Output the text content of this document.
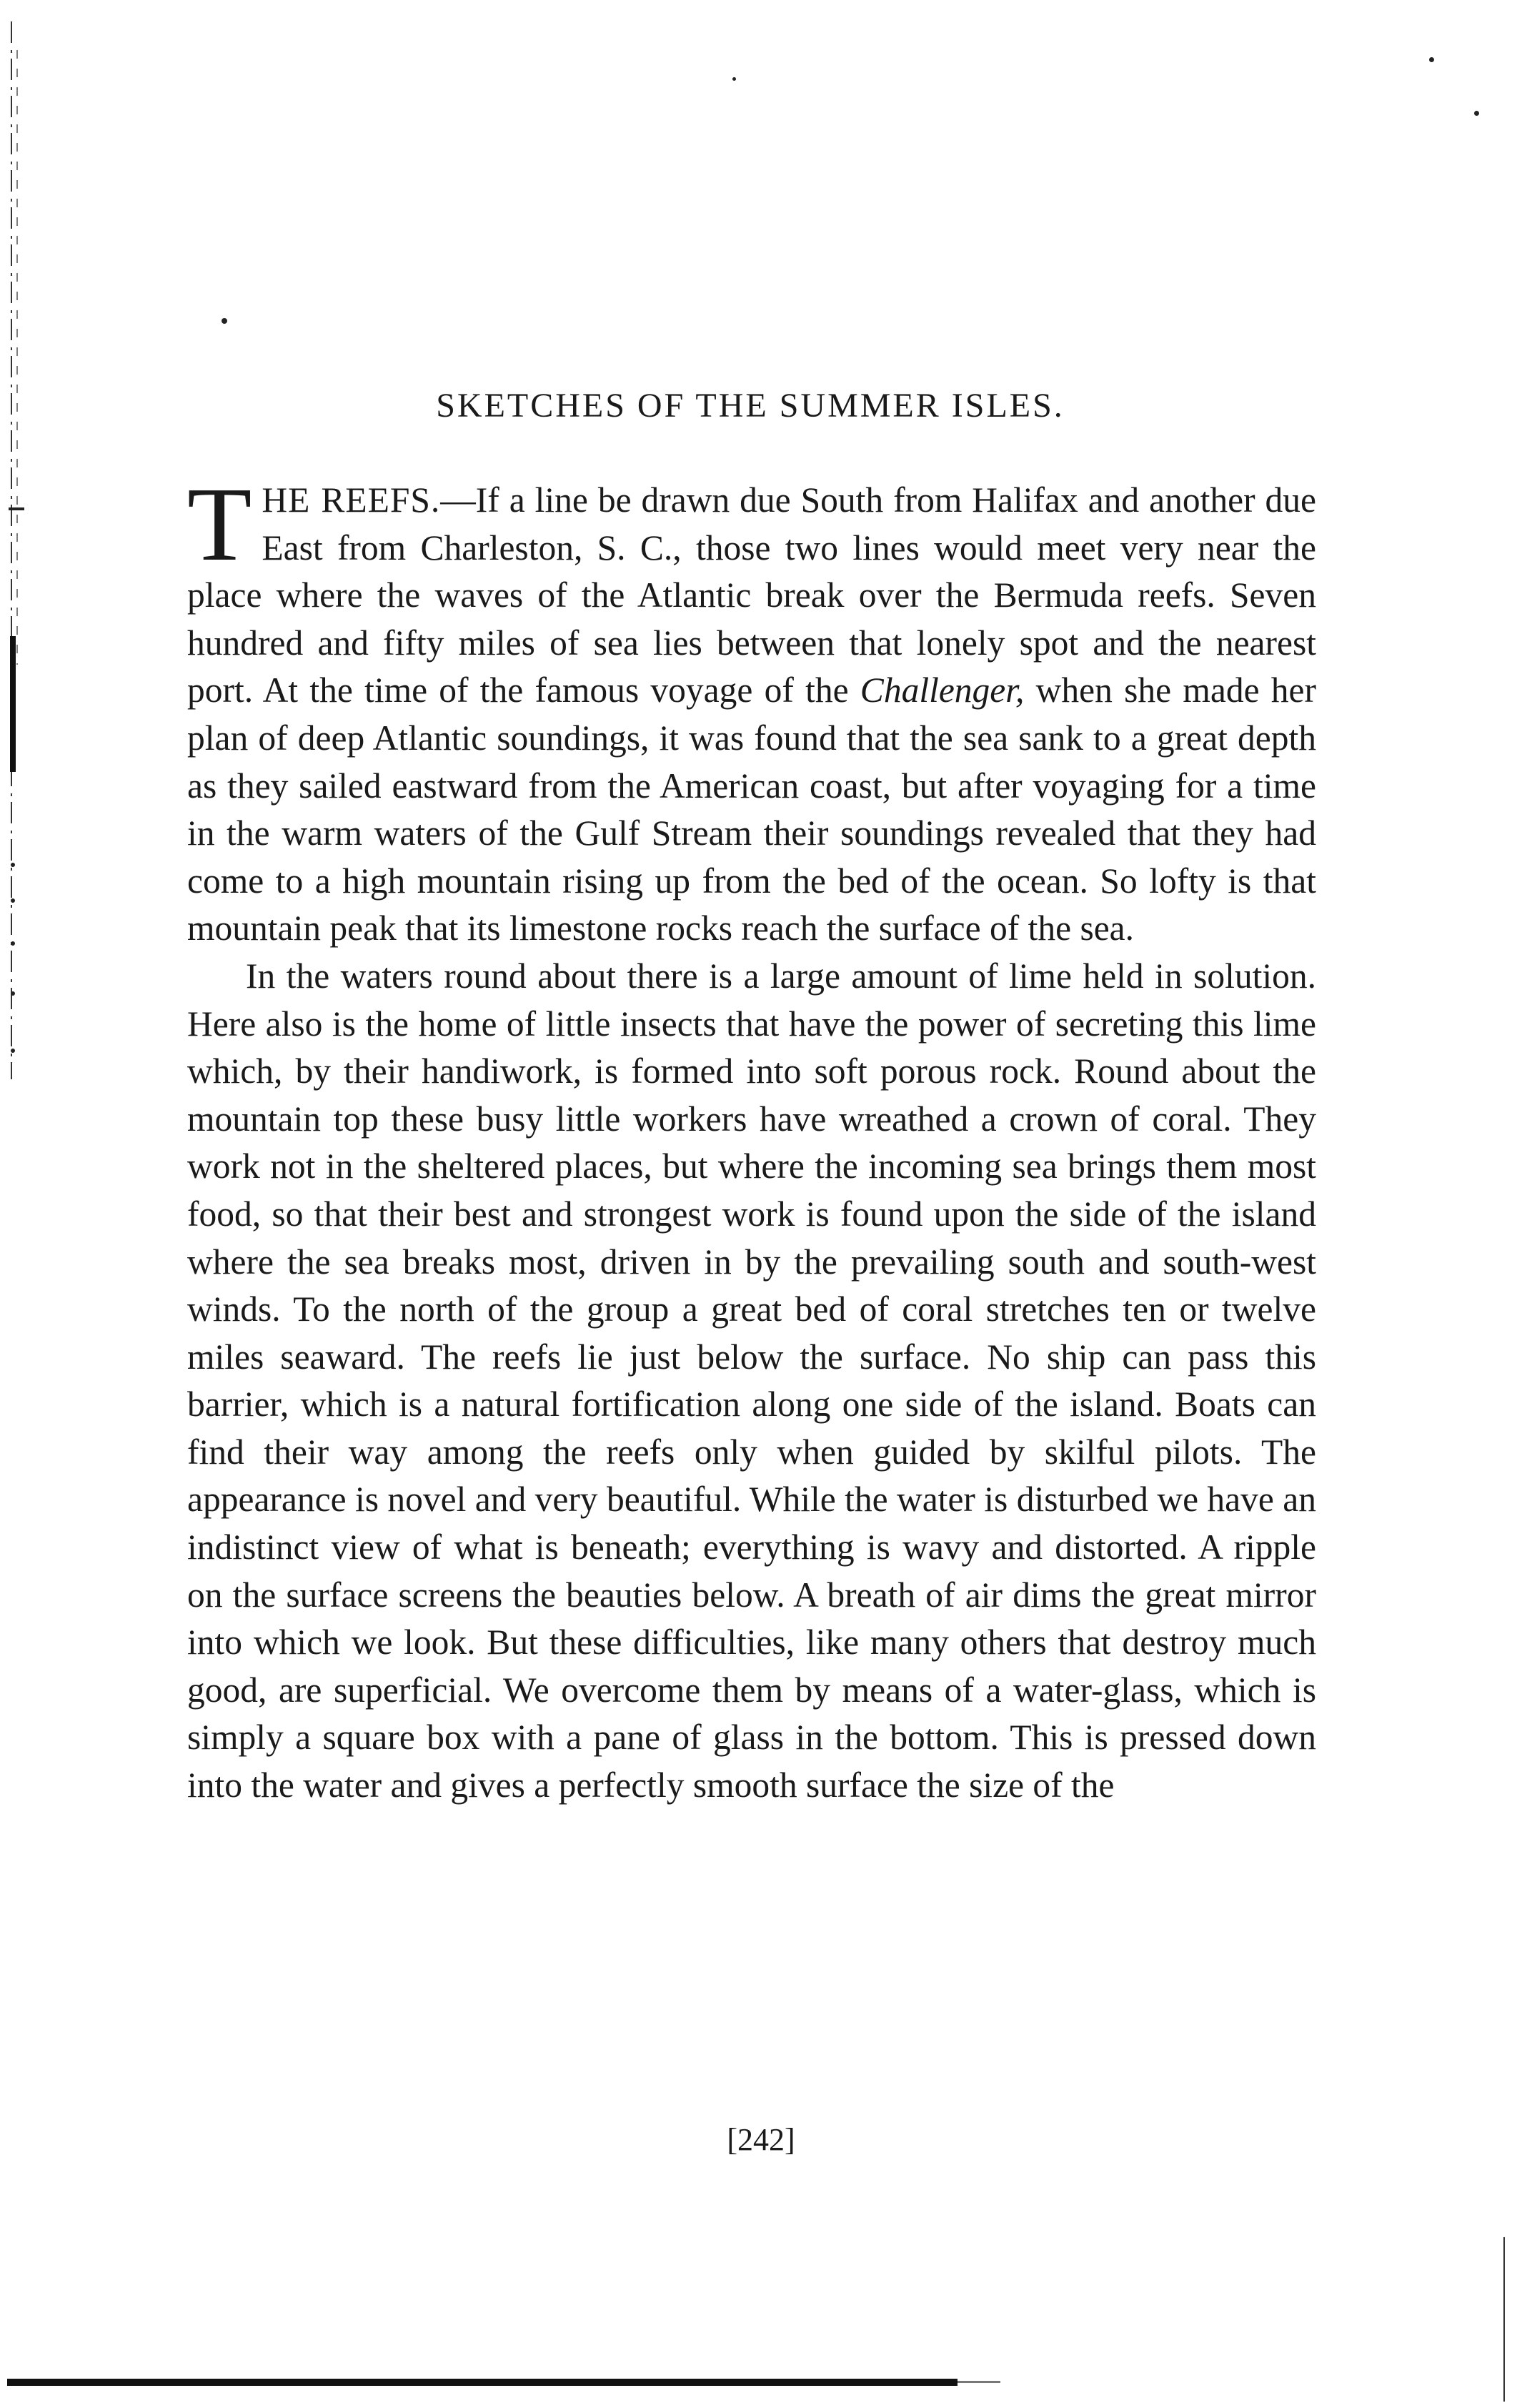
SKETCHES OF THE SUMMER ISLES.

THE REEFS.—If a line be drawn due South from Halifax and another due East from Charleston, S. C., those two lines would meet very near the place where the waves of the Atlantic break over the Bermuda reefs. Seven hundred and fifty miles of sea lies between that lonely spot and the nearest port. At the time of the famous voyage of the Challenger, when she made her plan of deep Atlantic soundings, it was found that the sea sank to a great depth as they sailed eastward from the American coast, but after voyaging for a time in the warm waters of the Gulf Stream their soundings revealed that they had come to a high mountain rising up from the bed of the ocean. So lofty is that mountain peak that its limestone rocks reach the surface of the sea.

In the waters round about there is a large amount of lime held in solution. Here also is the home of little insects that have the power of secreting this lime which, by their handiwork, is formed into soft porous rock. Round about the mountain top these busy little workers have wreathed a crown of coral. They work not in the sheltered places, but where the incoming sea brings them most food, so that their best and strongest work is found upon the side of the island where the sea breaks most, driven in by the prevailing south and south-west winds. To the north of the group a great bed of coral stretches ten or twelve miles seaward. The reefs lie just below the surface. No ship can pass this barrier, which is a natural fortification along one side of the island. Boats can find their way among the reefs only when guided by skilful pilots. The appearance is novel and very beautiful. While the water is disturbed we have an indistinct view of what is beneath; everything is wavy and distorted. A ripple on the surface screens the beauties below. A breath of air dims the great mirror into which we look. But these difficulties, like many others that destroy much good, are superficial. We overcome them by means of a water-glass, which is simply a square box with a pane of glass in the bottom. This is pressed down into the water and gives a perfectly smooth surface the size of the

[242]
